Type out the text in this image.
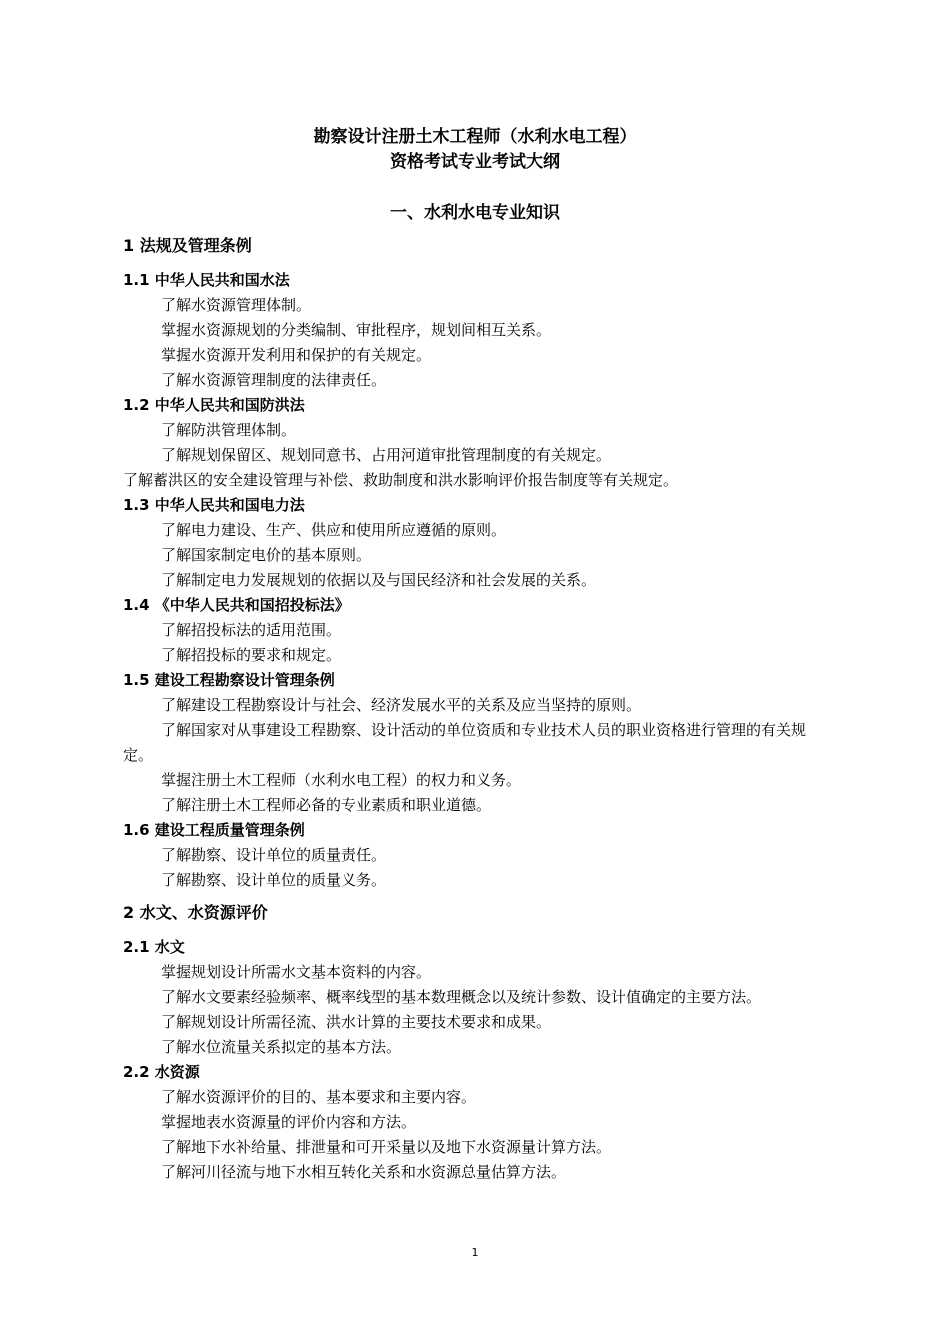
勘察设计注册土木工程师（水利水电工程）
资格考试专业考试大纲
一、水利水电专业知识
1 法规及管理条例
1.1 中华人民共和国水法

了解水资源管理体制。

掌握水资源规划的分类编制、审批程序，规划间相互关系。

掌握水资源开发利用和保护的有关规定。

了解水资源管理制度的法律责任。

1.2 中华人民共和国防洪法

了解防洪管理体制。

了解规划保留区、规划同意书、占用河道审批管理制度的有关规定。

了解蓄洪区的安全建设管理与补偿、救助制度和洪水影响评价报告制度等有关规定。

1.3 中华人民共和国电力法

了解电力建设、生产、供应和使用所应遵循的原则。

了解国家制定电价的基本原则。

了解制定电力发展规划的依据以及与国民经济和社会发展的关系。

1.4 《中华人民共和国招投标法》

了解招投标法的适用范围。

了解招投标的要求和规定。

1.5 建设工程勘察设计管理条例

了解建设工程勘察设计与社会、经济发展水平的关系及应当坚持的原则。

了解国家对从事建设工程勘察、设计活动的单位资质和专业技术人员的职业资格进行管理的有关规定。

掌握注册土木工程师（水利水电工程）的权力和义务。

了解注册土木工程师必备的专业素质和职业道德。

1.6 建设工程质量管理条例

了解勘察、设计单位的质量责任。

了解勘察、设计单位的质量义务。

2 水文、水资源评价
2.1 水文

掌握规划设计所需水文基本资料的内容。

了解水文要素经验频率、概率线型的基本数理概念以及统计参数、设计值确定的主要方法。

了解规划设计所需径流、洪水计算的主要技术要求和成果。

了解水位流量关系拟定的基本方法。

2.2 水资源

了解水资源评价的目的、基本要求和主要内容。

掌握地表水资源量的评价内容和方法。

了解地下水补给量、排泄量和可开采量以及地下水资源量计算方法。

了解河川径流与地下水相互转化关系和水资源总量估算方法。

1
